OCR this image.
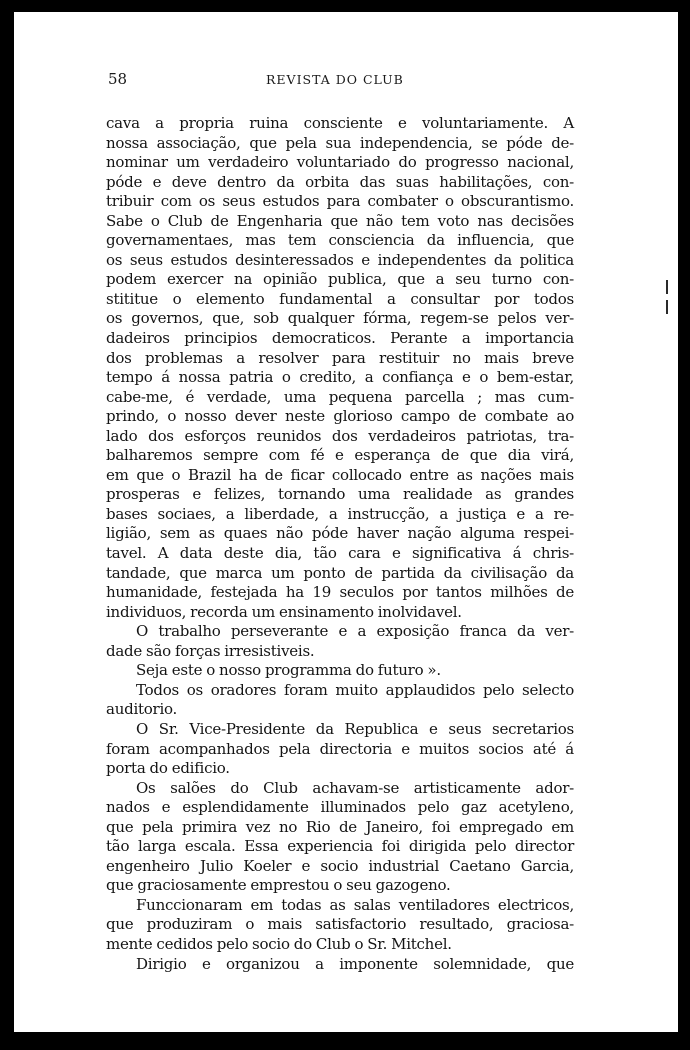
58	REVISTA DO CLUB
cava a propria ruina consciente e voluntariamente. A
nossa associação, que pela sua independencia, se póde de-
nominar um verdadeiro voluntariado do progresso nacional,
póde e deve dentro da orbita das suas habilitações, con-
tribuir com os seus estudos para combater o obscurantismo.
Sabe o Club de Engenharia que não tem voto nas decisões
governamentaes, mas tem consciencia da influencia, que
os seus estudos desinteressados e independentes da politica
podem exercer na opinião publica, que a seu turno con-
stititue o elemento fundamental a consultar por todos
os governos, que, sob qualquer fórma, regem-se pelos ver-
dadeiros principios democraticos. Perante a importancia
dos problemas a resolver para restituir no mais breve
tempo á nossa patria o credito, a confiança e o bem-estar,
cabe-me, é verdade, uma pequena parcella ; mas cum-
prindo, o nosso dever neste glorioso campo de combate ao
lado dos esforços reunidos dos verdadeiros patriotas, tra-
balharemos sempre com fé e esperança de que dia virá,
em que o Brazil ha de ficar collocado entre as nações mais
prosperas e felizes, tornando uma realidade as grandes
bases sociaes, a liberdade, a instrucção, a justiça e a re-
ligião, sem as quaes não póde haver nação alguma respei-
tavel. A data deste dia, tão cara e significativa á chris-
tandade, que marca um ponto de partida da civilisação da
humanidade, festejada ha 19 seculos por tantos milhões de
individuos, recorda um ensinamento inolvidavel.
O trabalho perseverante e a exposição franca da ver-
dade são forças irresistiveis.
Seja este o nosso programma do futuro ».
Todos os oradores foram muito applaudidos pelo selecto
auditorio.
O Sr. Vice-Presidente da Republica e seus secretarios
foram acompanhados pela directoria e muitos socios até á
porta do edificio.
Os salões do Club achavam-se artisticamente ador-
nados e esplendidamente illuminados pelo gaz acetyleno,
que pela primira vez no Rio de Janeiro, foi empregado em
tão larga escala. Essa experiencia foi dirigida pelo director
engenheiro Julio Koeler e socio industrial Caetano Garcia,
que graciosamente emprestou o seu gazogeno.
Funccionaram em todas as salas ventiladores electricos,
que produziram o mais satisfactorio resultado, graciosa-
mente cedidos pelo socio do Club o Sr. Mitchel.
Dirigio e organizou a imponente solemnidade, que
